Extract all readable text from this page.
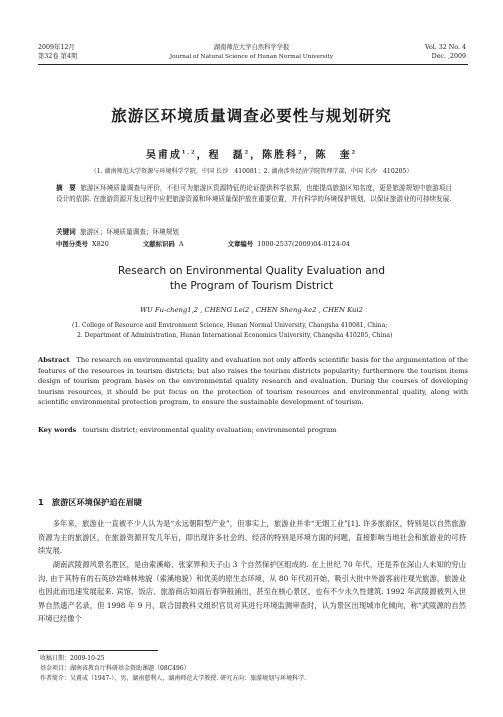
2009年12月
第32卷 第4期
湖南师范大学自然科学学报
Journal of Natural Science of Hunan Normal University
Vol. 32 No. 4
Dec. ,2009
旅游区环境质量调查必要性与规划研究
吴甫成$^{1,2}$，程　磊$^2$，陈胜科$^2$，陈　奎$^2$
（1. 湖南师范大学资源与环境科学学院，中国 长沙　410081；2. 湖南涉外经济学院管理学部，中国 长沙　410205）
摘　要 旅游区环境质量调查与评价，不但可为旅游区资源特征的论证提供科学依据，也能提高旅游区知名度，更是旅游规划中旅游项目设计的依据. 在旅游资源开发过程中应把旅游资源和环境质量保护放在重要位置，并有科学的环境保护规划，以保证旅游业的可持续发展.
关键词 旅游区；环境质量调查；环境规划
中图分类号 X820	文献标识码 A	文章编号 1000-2537(2009)04-0124-04
Research on Environmental Quality Evaluation and
the Program of Tourism District
WU Fu-cheng1,2 , CHENG Lei2 , CHEN Sheng-ke2 , CHEN Kui2
(1. College of Resource and Environment Science, Hunan Normal University, Changsha 410081, China;
2. Department of Administration, Hunan International Economics University, Changsha 410205, China)
Abstract The research on environmental quality and evaluation not only affords scientific basis for the argumentation of the features of the resources in tourism districts; but also raises the tourism districts popularity; furthermore the tourism items design of tourism program bases on the environmental quality research and evaluation. During the courses of developing tourism resources, it should be put focus on the protection of tourism resources and environmental quality, along with scientific environmental protection program, to ensure the sustainable development of tourism.
Key words tourism district; environmental quality evaluation; environmental program
1　旅游区环境保护迫在眉睫
多年来，旅游业一直被不少人认为是“永远朝阳型产业”，但事实上，旅游业并非“无烟工业”[1]. 许多旅游区，特别是以自然旅游资源为主的旅游区，在旅游资源开发几年后，即出现许多社会的、经济的特别是环境方面的问题，直接影响当地社会和旅游业的可持续发展.
湖南武陵源风景名胜区，是由索溪峪、张家界和天子山 3 个自然保护区组成的. 在上世纪 70 年代，还是养在深山人未知的穷山沟. 由于其特有的石英砂岩峰林地貌（索溪地貌）和优美的原生态环境，从 80 年代初开始，吸引大批中外游客前往观光旅游，旅游业也因此而迅速发展起来. 宾馆、饭店、旅游商店如雨后春笋般涌出，甚至在核心景区，也有不少永久性建筑. 1992 年武陵源被列入世界自然遗产名录，但 1998 年 9 月，联合国教科文组织官员对其进行环境监测审查时，认为景区出现城市化倾向，称“武陵源的自然环境已经像个
收稿日期：2009-10-25
基金项目：湖南省教育厅科研基金资助课题（08C496）
作者简介：吴甫成（1947-），男，湖南慈利人，湖南师范大学教授. 研究方向：旅游规划与环境科学.
